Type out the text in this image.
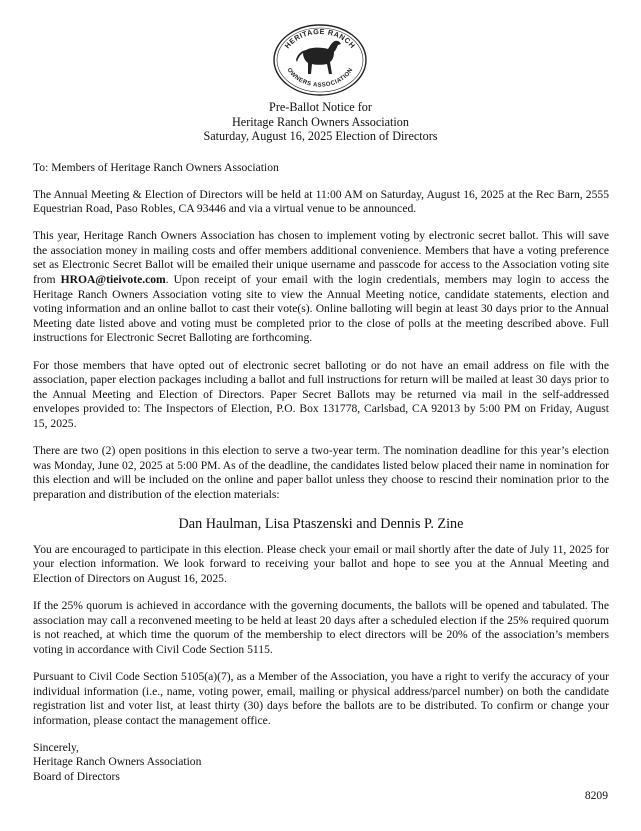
HERITAGE RANCH
OWNERS ASSOCIATION
Pre-Ballot Notice for
Heritage Ranch Owners Association
Saturday, August 16, 2025 Election of Directors

To: Members of Heritage Ranch Owners Association

The Annual Meeting & Election of Directors will be held at 11:00 AM on Saturday, August 16, 2025 at the Rec Barn, 2555 Equestrian Road, Paso Robles, CA 93446 and via a virtual venue to be announced.

This year, Heritage Ranch Owners Association has chosen to implement voting by electronic secret ballot. This will save the association money in mailing costs and offer members additional convenience. Members that have a voting preference set as Electronic Secret Ballot will be emailed their unique username and passcode for access to the Association voting site from HROA@tieivote.com. Upon receipt of your email with the login credentials, members may login to access the Heritage Ranch Owners Association voting site to view the Annual Meeting notice, candidate statements, election and voting information and an online ballot to cast their vote(s). Online balloting will begin at least 30 days prior to the Annual Meeting date listed above and voting must be completed prior to the close of polls at the meeting described above. Full instructions for Electronic Secret Balloting are forthcoming.

For those members that have opted out of electronic secret balloting or do not have an email address on file with the association, paper election packages including a ballot and full instructions for return will be mailed at least 30 days prior to the Annual Meeting and Election of Directors. Paper Secret Ballots may be returned via mail in the self-addressed envelopes provided to: The Inspectors of Election, P.O. Box 131778, Carlsbad, CA 92013 by 5:00 PM on Friday, August 15, 2025.

There are two (2) open positions in this election to serve a two-year term. The nomination deadline for this year’s election was Monday, June 02, 2025 at 5:00 PM. As of the deadline, the candidates listed below placed their name in nomination for this election and will be included on the online and paper ballot unless they choose to rescind their nomination prior to the preparation and distribution of the election materials:

Dan Haulman, Lisa Ptaszenski and Dennis P. Zine

You are encouraged to participate in this election. Please check your email or mail shortly after the date of July 11, 2025 for your election information. We look forward to receiving your ballot and hope to see you at the Annual Meeting and Election of Directors on August 16, 2025.

If the 25% quorum is achieved in accordance with the governing documents, the ballots will be opened and tabulated. The association may call a reconvened meeting to be held at least 20 days after a scheduled election if the 25% required quorum is not reached, at which time the quorum of the membership to elect directors will be 20% of the association’s members voting in accordance with Civil Code Section 5115.

Pursuant to Civil Code Section 5105(a)(7), as a Member of the Association, you have a right to verify the accuracy of your individual information (i.e., name, voting power, email, mailing or physical address/parcel number) on both the candidate registration list and voter list, at least thirty (30) days before the ballots are to be distributed. To confirm or change your information, please contact the management office.

Sincerely,
Heritage Ranch Owners Association
Board of Directors
8209
